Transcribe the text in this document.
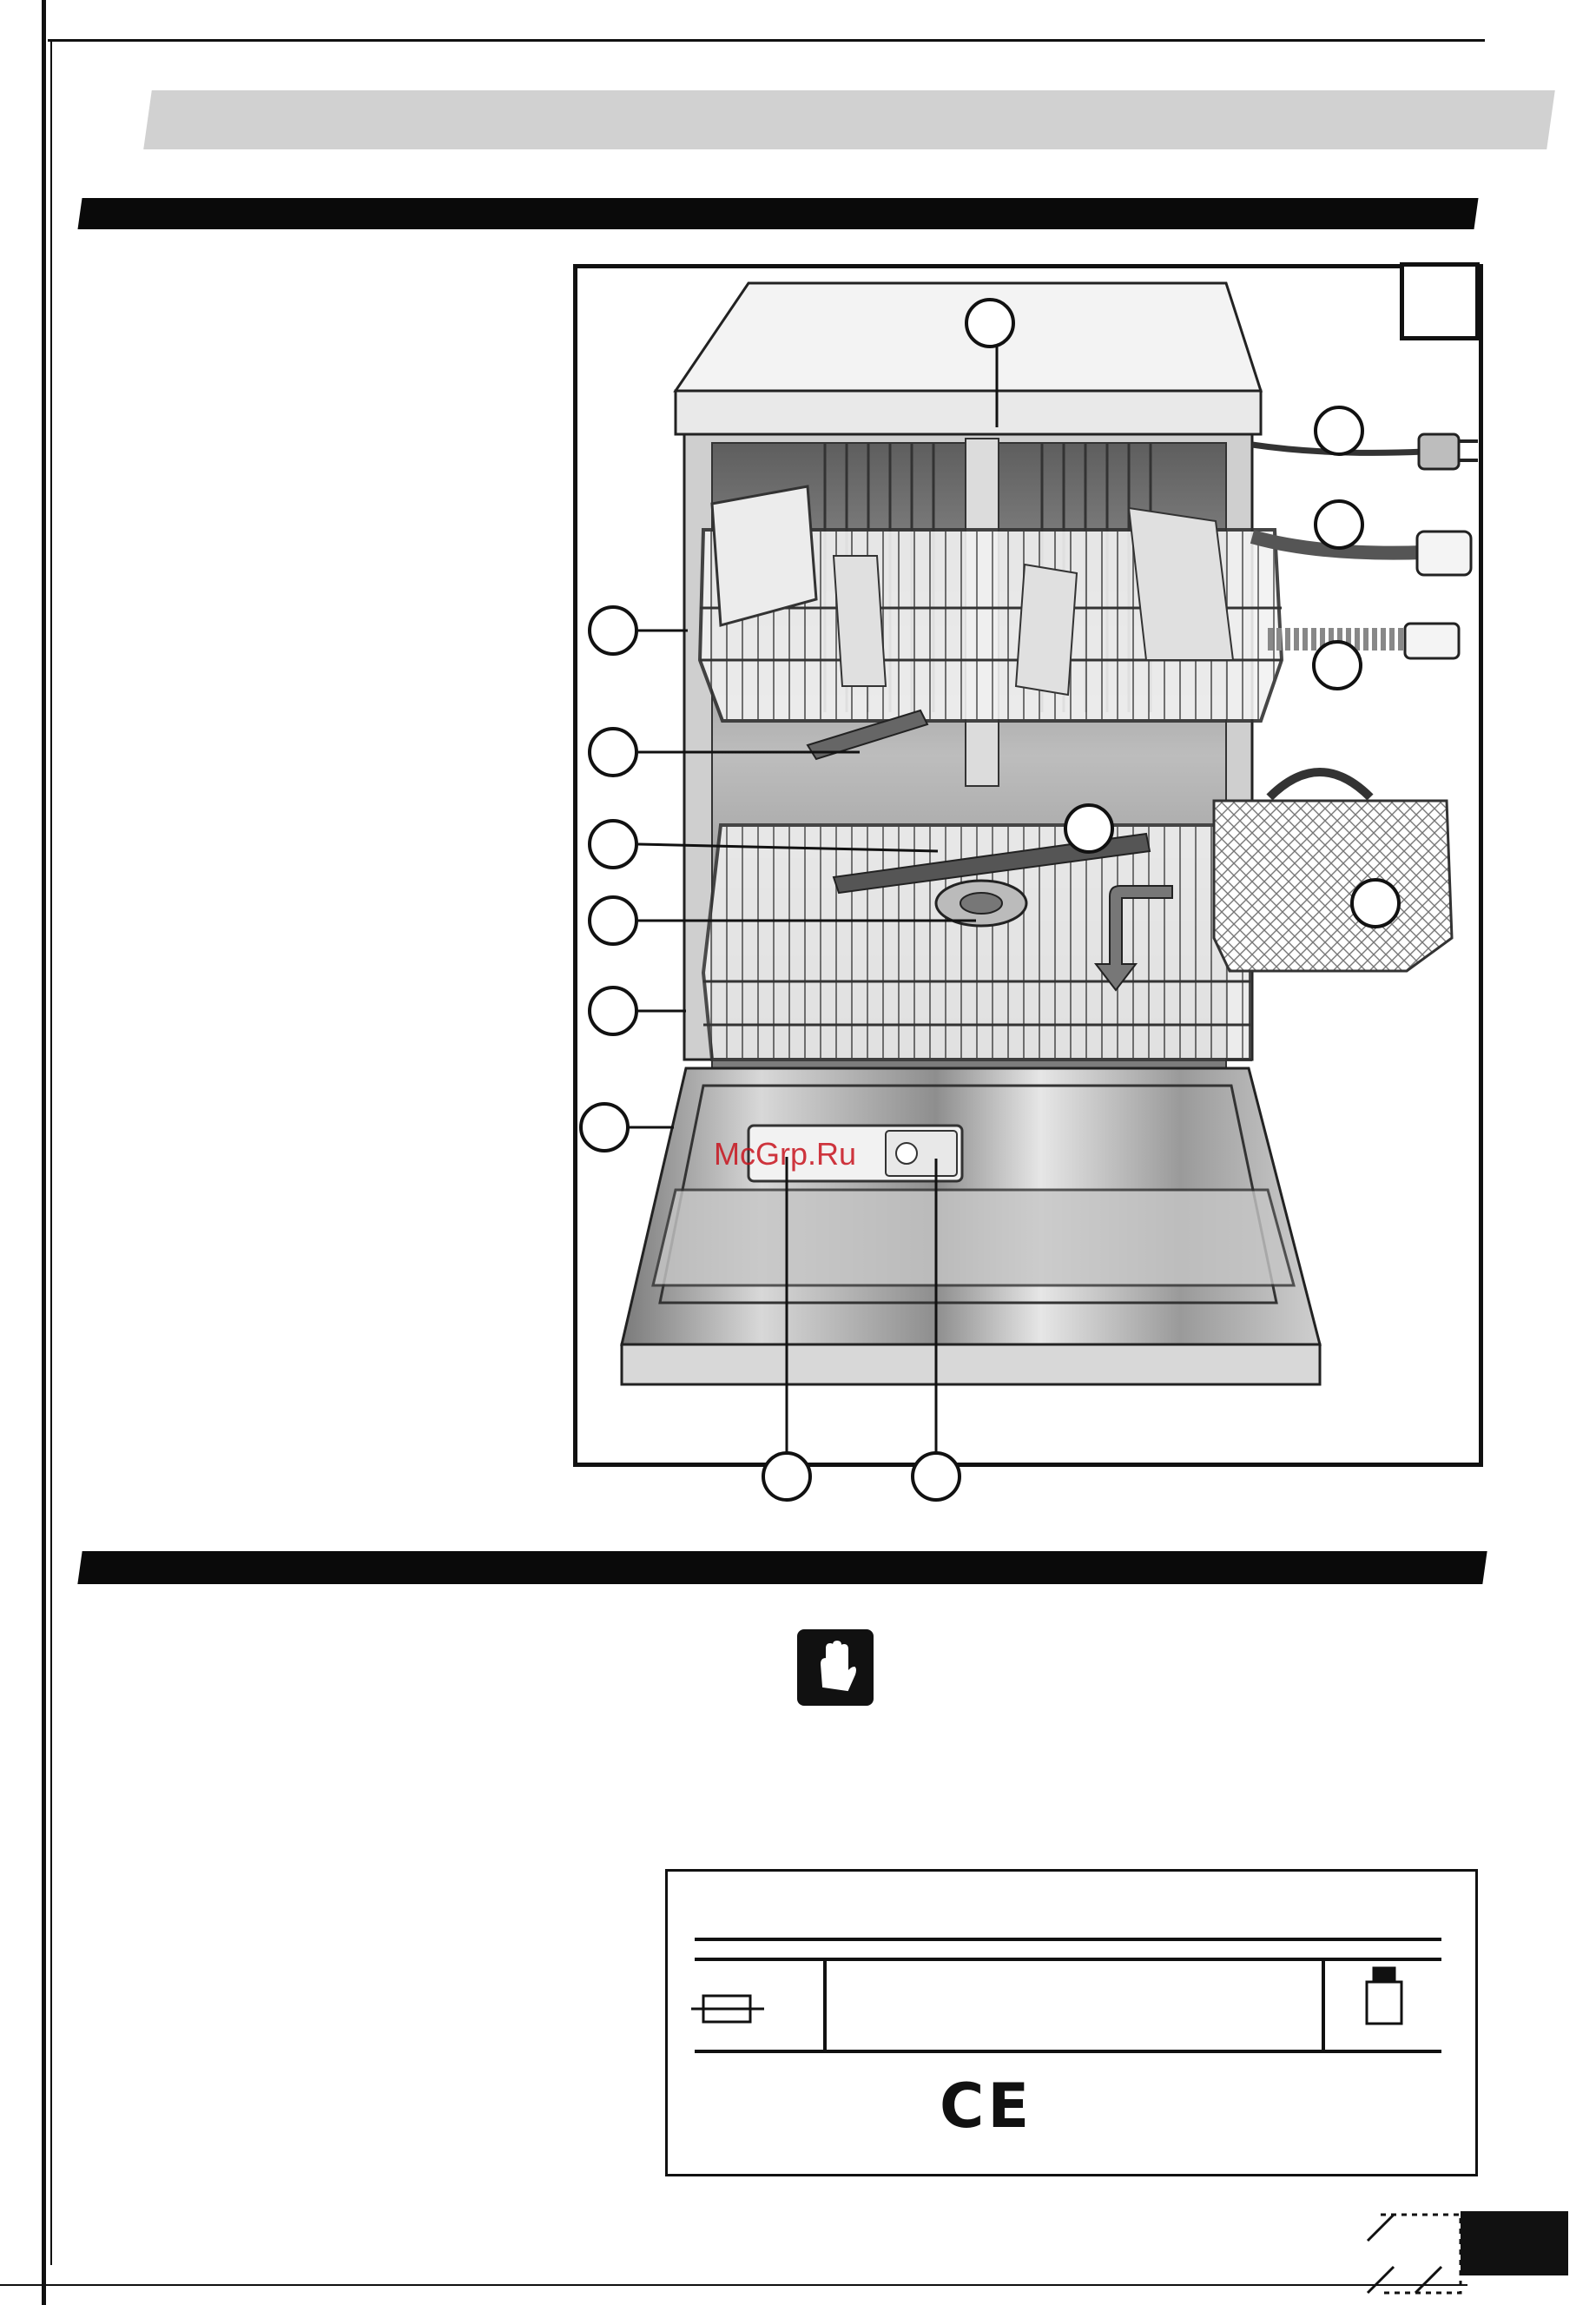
McGrp.Ru
CE
